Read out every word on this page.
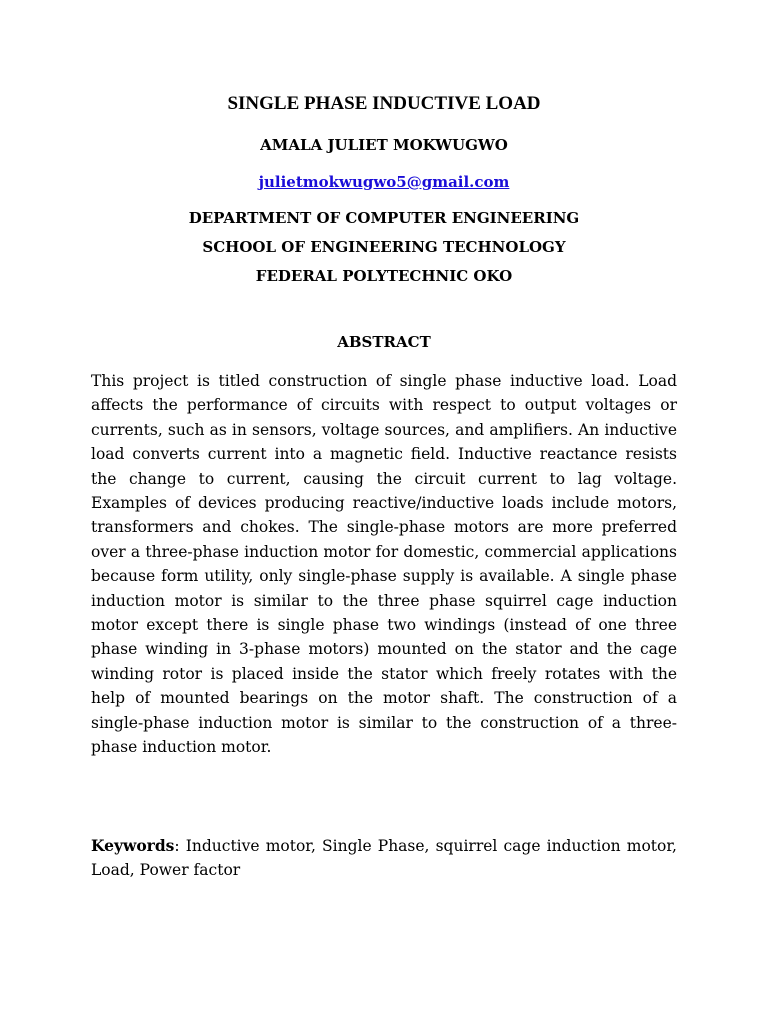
SINGLE PHASE INDUCTIVE LOAD
AMALA JULIET MOKWUGWO
julietmokwugwo5@gmail.com
DEPARTMENT OF COMPUTER ENGINEERING
SCHOOL OF ENGINEERING TECHNOLOGY
FEDERAL POLYTECHNIC OKO
ABSTRACT

This project is titled construction of single phase inductive load. Load affects the performance of circuits with respect to output voltages or currents, such as in sensors, voltage sources, and amplifiers. An inductive load converts current into a magnetic field. Inductive reactance resists the change to current, causing the circuit current to lag voltage. Examples of devices producing reactive/inductive loads include motors, transformers and chokes. The single-phase motors are more preferred over a three-phase induction motor for domestic, commercial applications because form utility, only single-phase supply is available. A single phase induction motor is similar to the three phase squirrel cage induction motor except there is single phase two windings (instead of one three phase winding in 3-phase motors) mounted on the stator and the cage winding rotor is placed inside the stator which freely rotates with the help of mounted bearings on the motor shaft. The construction of a single-phase induction motor is similar to the construction of a three-phase induction motor.

Keywords: Inductive motor, Single Phase, squirrel cage induction motor, Load, Power factor
